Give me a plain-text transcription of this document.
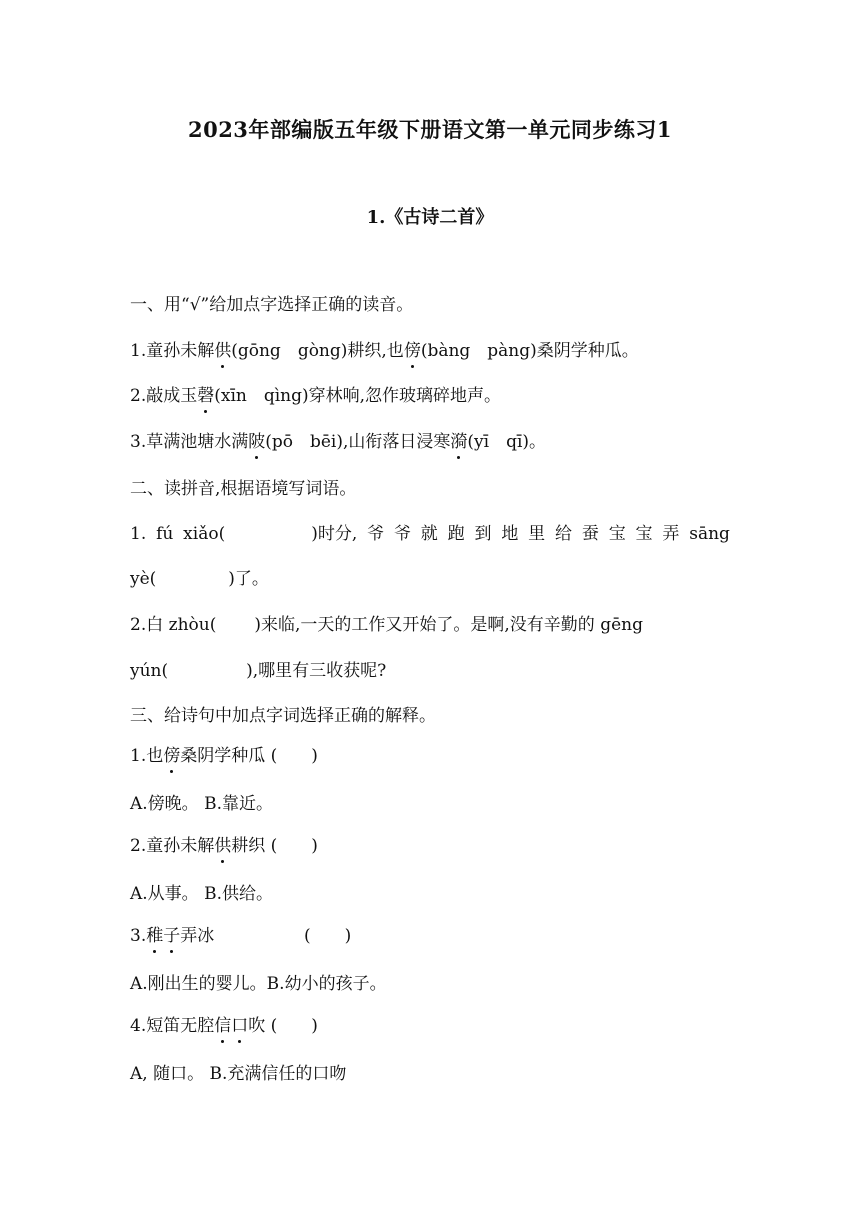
2023年部编版五年级下册语文第一单元同步练习1
1.《古诗二首》
一、用“√”给加点字选择正确的读音。
1.童孙未解供(gōng　gòng)耕织,也傍(bàng　pàng)桑阴学种瓜。
2.敲成玉磬(xīn　qìng)穿林响,忽作玻璃碎地声。
3.草满池塘水满陂(pō　bēi),山衔落日浸寒漪(yī　qī)。
二、读拼音,根据语境写词语。
1. fú xiǎo(	)时分, 爷 爷 就 跑 到 地 里 给 蚕 宝 宝 弄 sāng
yè(	)了。
2.白 zhòu( )来临,一天的工作又开始了。是啊,没有辛勤的 gēng
yún(	),哪里有三收获呢?
三、给诗句中加点字词选择正确的解释。
1.也傍桑阴学种瓜 (　　)
A.傍晚。 B.靠近。
2.童孙未解供耕织 (　　)
A.从事。 B.供给。
3.稚子弄冰	(　　)
A.刚出生的婴儿。B.幼小的孩子。
4.短笛无腔信口吹 (　　)
A, 随口。 B.充满信任的口吻
